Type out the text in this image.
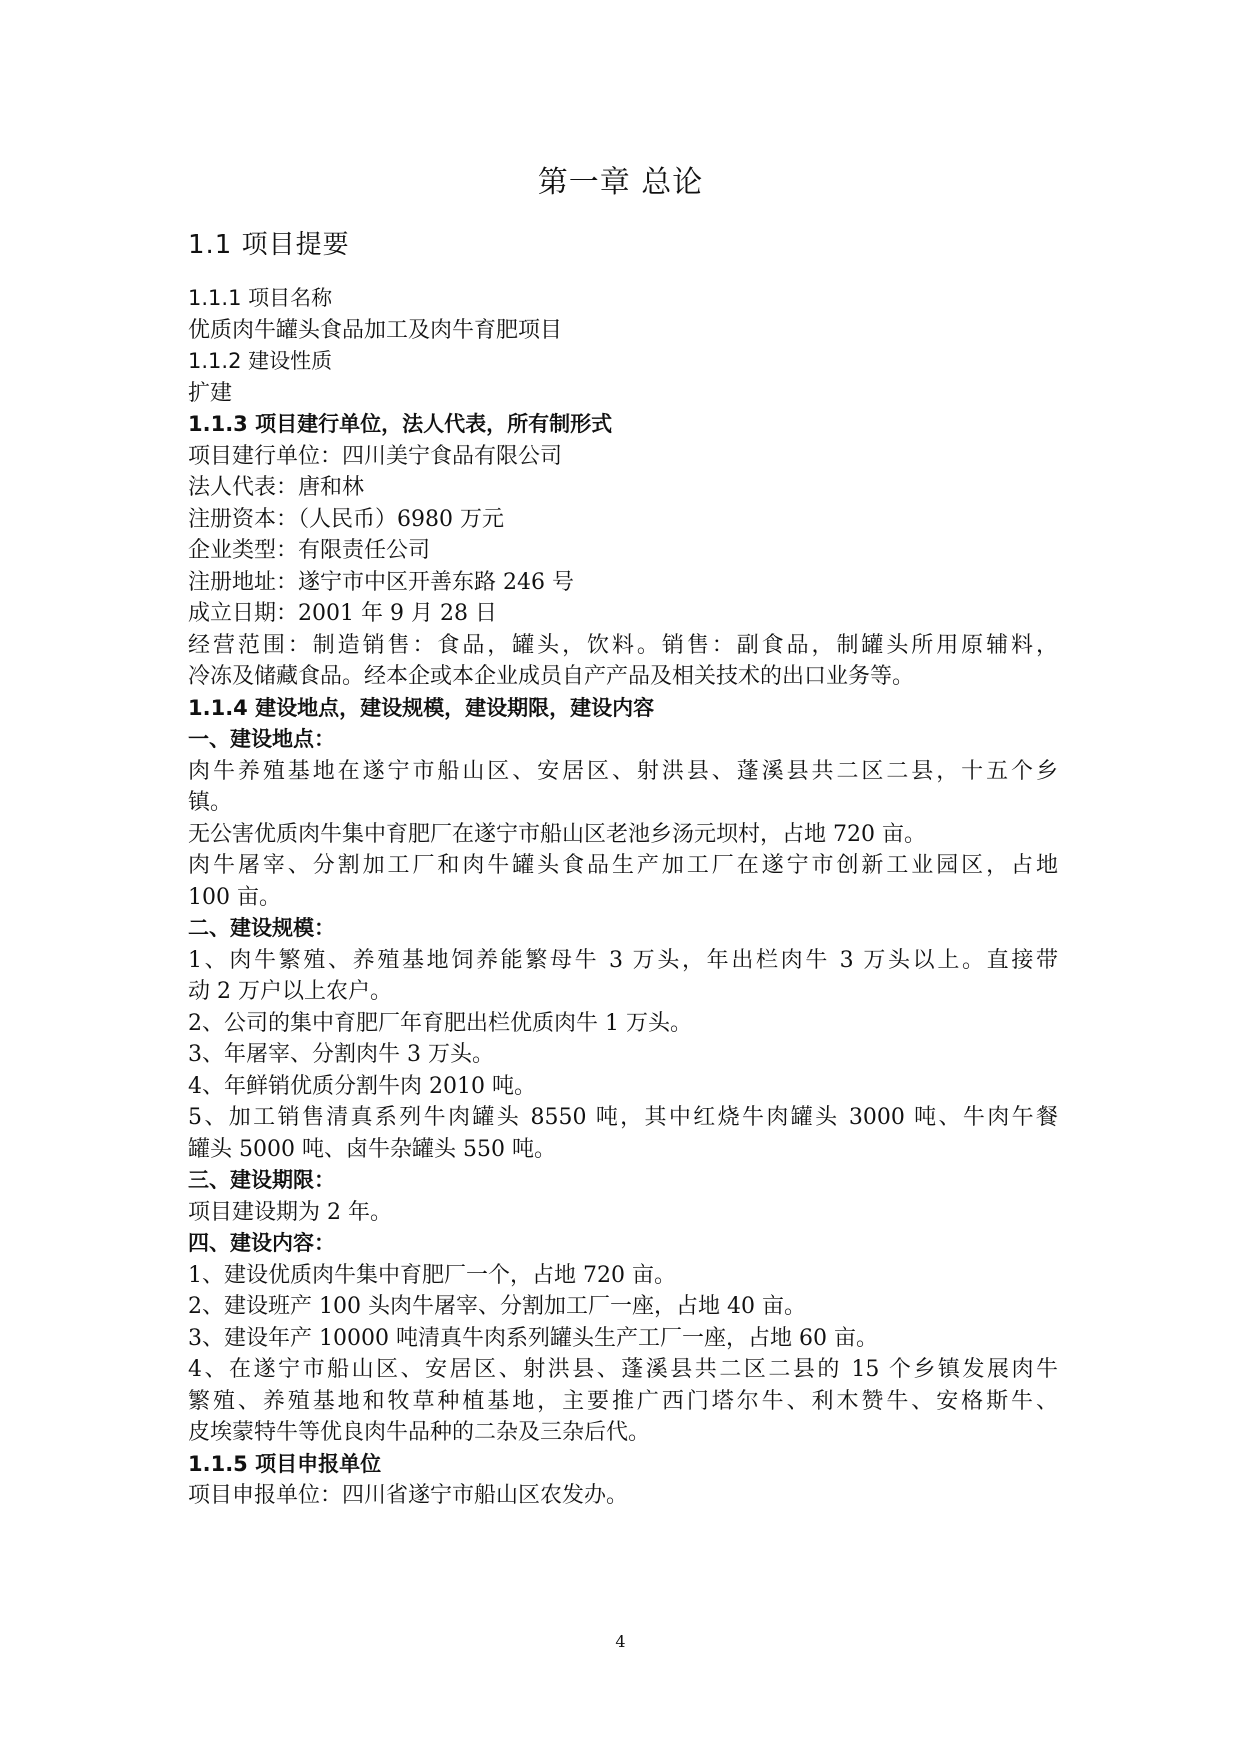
第一章 总论
1.1 项目提要

1.1.1 项目名称

优质肉牛罐头食品加工及肉牛育肥项目

1.1.2 建设性质

扩建

1.1.3 项目建行单位，法人代表，所有制形式

项目建行单位：四川美宁食品有限公司

法人代表：唐和林

注册资本：（人民币）6980 万元

企业类型：有限责任公司

注册地址：遂宁市中区开善东路 246 号

成立日期：2001 年 9 月 28 日

经营范围：制造销售：食品，罐头，饮料。销售：副食品，制罐头所用原辅料，

冷冻及储藏食品。经本企或本企业成员自产产品及相关技术的出口业务等。

1.1.4 建设地点，建设规模，建设期限，建设内容

一、建设地点：

肉牛养殖基地在遂宁市船山区、安居区、射洪县、蓬溪县共二区二县，十五个乡

镇。

无公害优质肉牛集中育肥厂在遂宁市船山区老池乡汤元坝村，占地 720 亩。

肉牛屠宰、分割加工厂和肉牛罐头食品生产加工厂在遂宁市创新工业园区，占地

100 亩。

二、建设规模：

1、肉牛繁殖、养殖基地饲养能繁母牛 3 万头，年出栏肉牛 3 万头以上。直接带

动 2 万户以上农户。

2、公司的集中育肥厂年育肥出栏优质肉牛 1 万头。

3、年屠宰、分割肉牛 3 万头。

4、年鲜销优质分割牛肉 2010 吨。

5、加工销售清真系列牛肉罐头 8550 吨，其中红烧牛肉罐头 3000 吨、牛肉午餐

罐头 5000 吨、卤牛杂罐头 550 吨。

三、建设期限：

项目建设期为 2 年。

四、建设内容：

1、建设优质肉牛集中育肥厂一个，占地 720 亩。

2、建设班产 100 头肉牛屠宰、分割加工厂一座，占地 40 亩。

3、建设年产 10000 吨清真牛肉系列罐头生产工厂一座，占地 60 亩。

4、在遂宁市船山区、安居区、射洪县、蓬溪县共二区二县的 15 个乡镇发展肉牛

繁殖、养殖基地和牧草种植基地，主要推广西门塔尔牛、利木赞牛、安格斯牛、

皮埃蒙特牛等优良肉牛品种的二杂及三杂后代。

1.1.5 项目申报单位

项目申报单位：四川省遂宁市船山区农发办。

4
